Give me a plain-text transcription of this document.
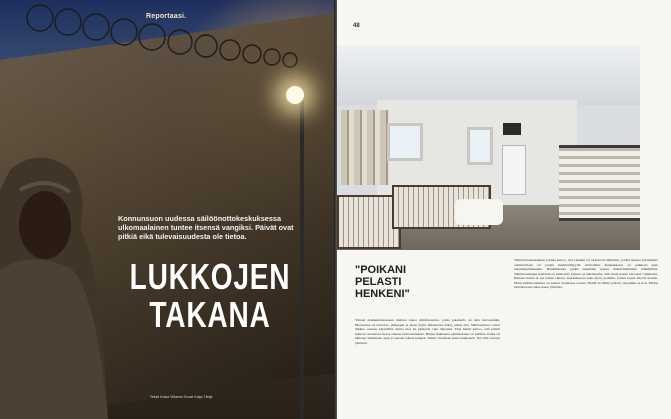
Reportaasi.
Konnunsuon uudessa säilöönottokeskuksessa ulkomaalainen tuntee itsensä vangiksi. Päivät ovat pitkiä eikä tulevaisuudesta ole tietoa.
LUKKOJEN
TAKANA
Teksti Kaisa Viitanen Kuvat Katja Tähjä
48
"POIKANI PELASTI HENKENI"
Yhteen makuuhuoneeseen mahtuu kuusi säilöönotettua, joista jokaisella on oma kerrossänky. Huoneessa on televisio, jääkaappi ja pieni pöytä. Ikkunoista näkyy pihan aita. Säilöönotetut voivat liikkua osaston käytävillä, mutta ulos he pääsevät vain ohjatusti. Yksi heistä kertoo, että päivät kuluvat odottaessa tietoa omasta tulevaisuudesta. Hänen mukaansa epätietoisuus on pahinta. Poika oli lähtenyt hakemaan apua ja pelasti isänsä hengen. Matka Suomeen kesti kuukausia. Nyt hän odottaa päätöstä.
Säilöönottokeskuksen johtaja kertoo, että yksikkö on tarkoitettu ihmisille, joiden maasta poistamista valmistellaan tai joiden henkilöllisyyttä selvitetään. Keskuksessa on paikkoja noin neljällekymmenelle. Henkilökunta pyrkii tekemään arjesta mahdollisimman inhimillistä. Säilöönotettujen käytössä on kuntosali, kirjasto ja ulkoilupiha. Silti moni kokee olevansa vankilassa. Kukaan heistä ei ole tehnyt rikosta. Keskuksessa asuu myös perheitä, joiden lapset käyvät koulua. Moni säilöönotetuista on asunut Suomessa vuosia. Heillä on täällä ystäviä, työpaikka ja koti. Päätös säilöönotosta tulee usein yllättäen.
